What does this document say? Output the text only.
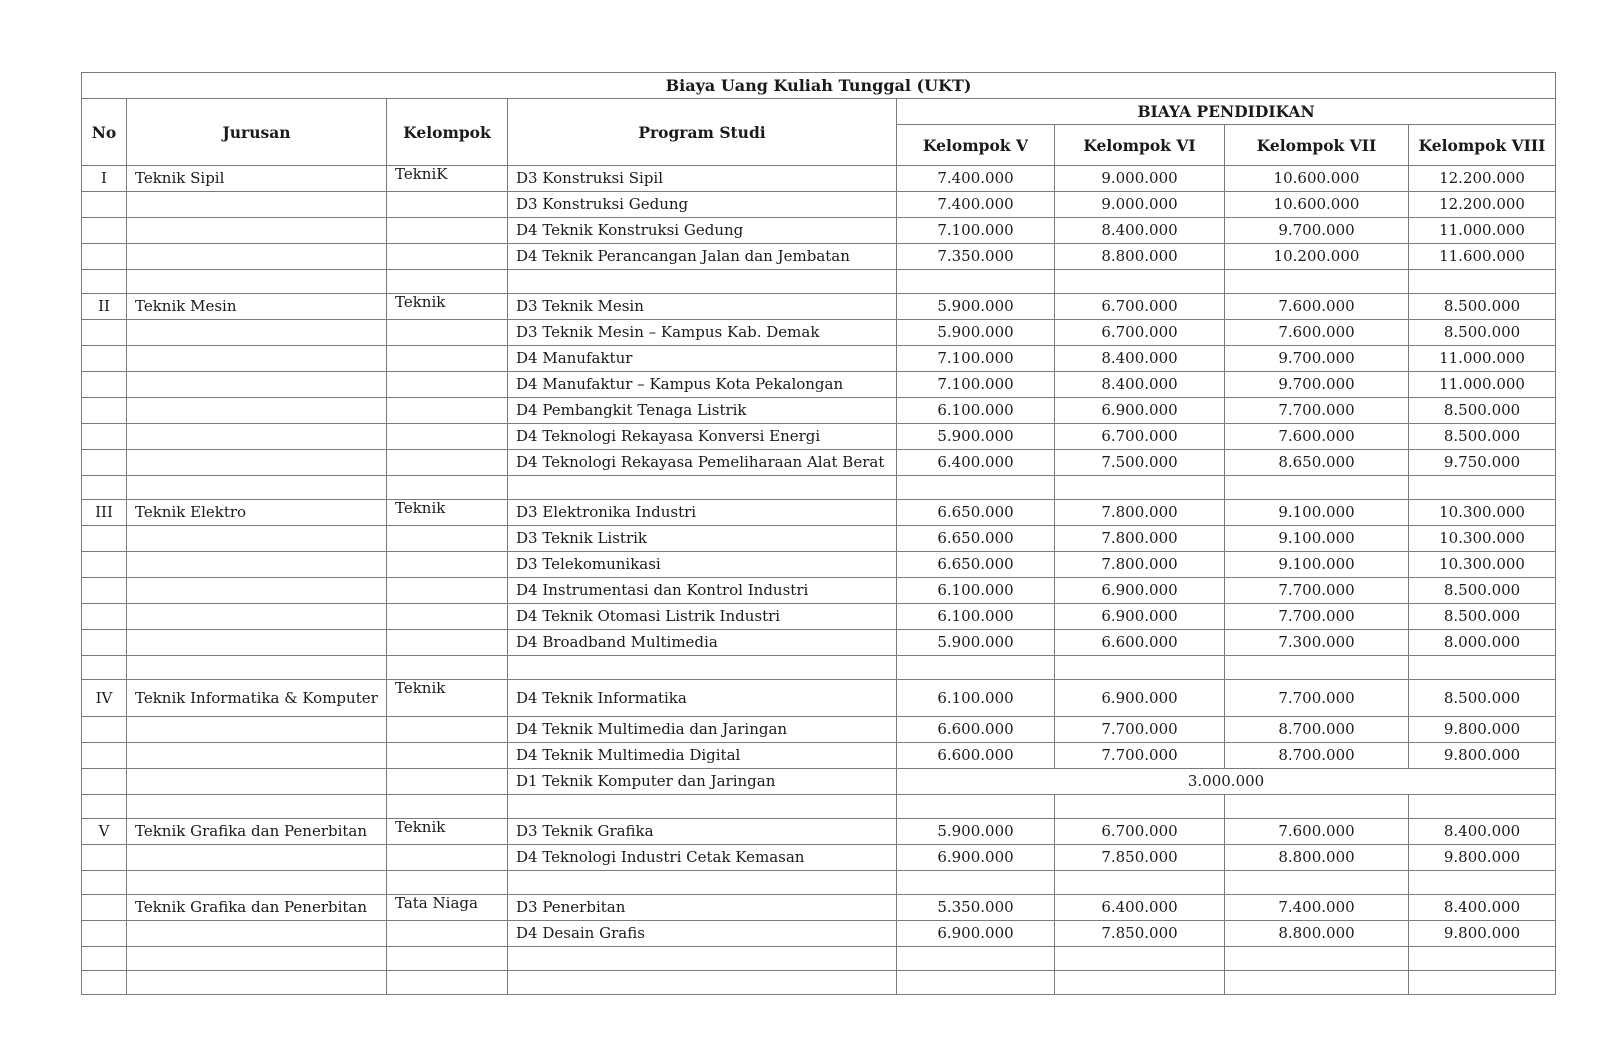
Biaya Uang Kuliah Tunggal (UKT)							
No	Jurusan	Kelompok	Program Studi	BIAYA PENDIDIKAN			
				Kelompok V	Kelompok VI	Kelompok VII	Kelompok VIII
I	Teknik Sipil	TekniK	D3 Konstruksi Sipil	7.400.000	9.000.000	10.600.000	12.200.000
			D3 Konstruksi Gedung	7.400.000	9.000.000	10.600.000	12.200.000
			D4 Teknik Konstruksi Gedung	7.100.000	8.400.000	9.700.000	11.000.000
			D4 Teknik Perancangan Jalan dan Jembatan	7.350.000	8.800.000	10.200.000	11.600.000

II	Teknik Mesin	Teknik	D3 Teknik Mesin	5.900.000	6.700.000	7.600.000	8.500.000
			D3 Teknik Mesin – Kampus Kab. Demak	5.900.000	6.700.000	7.600.000	8.500.000
			D4 Manufaktur	7.100.000	8.400.000	9.700.000	11.000.000
			D4 Manufaktur – Kampus Kota Pekalongan	7.100.000	8.400.000	9.700.000	11.000.000
			D4 Pembangkit Tenaga Listrik	6.100.000	6.900.000	7.700.000	8.500.000
			D4 Teknologi Rekayasa Konversi Energi	5.900.000	6.700.000	7.600.000	8.500.000
			D4 Teknologi Rekayasa Pemeliharaan Alat Berat	6.400.000	7.500.000	8.650.000	9.750.000

III	Teknik Elektro	Teknik	D3 Elektronika Industri	6.650.000	7.800.000	9.100.000	10.300.000
			D3 Teknik Listrik	6.650.000	7.800.000	9.100.000	10.300.000
			D3 Telekomunikasi	6.650.000	7.800.000	9.100.000	10.300.000
			D4 Instrumentasi dan Kontrol Industri	6.100.000	6.900.000	7.700.000	8.500.000
			D4 Teknik Otomasi Listrik Industri	6.100.000	6.900.000	7.700.000	8.500.000
			D4 Broadband Multimedia	5.900.000	6.600.000	7.300.000	8.000.000

IV	Teknik Informatika & Komputer	Teknik	D4 Teknik Informatika	6.100.000	6.900.000	7.700.000	8.500.000
			D4 Teknik Multimedia dan Jaringan	6.600.000	7.700.000	8.700.000	9.800.000
			D4 Teknik Multimedia Digital	6.600.000	7.700.000	8.700.000	9.800.000
			D1 Teknik Komputer dan Jaringan	3.000.000			

V	Teknik Grafika dan Penerbitan	Teknik	D3 Teknik Grafika	5.900.000	6.700.000	7.600.000	8.400.000
			D4 Teknologi Industri Cetak Kemasan	6.900.000	7.850.000	8.800.000	9.800.000

	Teknik Grafika dan Penerbitan	Tata Niaga	D3 Penerbitan	5.350.000	6.400.000	7.400.000	8.400.000
			D4 Desain Grafis	6.900.000	7.850.000	8.800.000	9.800.000
